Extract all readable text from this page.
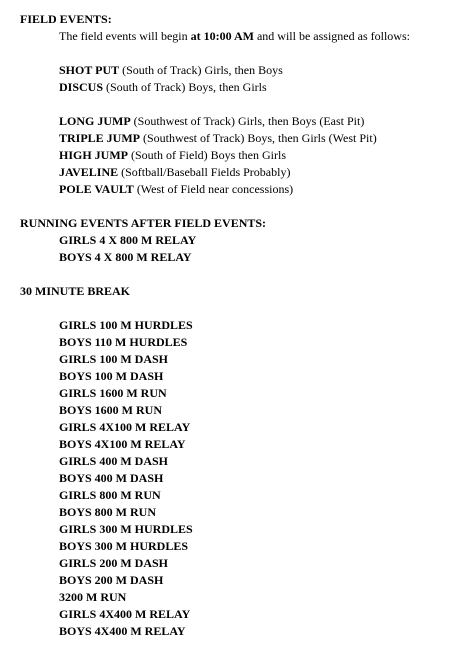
FIELD EVENTS:
The field events will begin at 10:00 AM and will be assigned as follows:
SHOT PUT (South of Track) Girls, then Boys
DISCUS (South of Track) Boys, then Girls
LONG JUMP (Southwest of Track) Girls, then Boys (East Pit)
TRIPLE JUMP (Southwest of Track) Boys, then Girls (West Pit)
HIGH JUMP (South of Field) Boys then Girls
JAVELINE (Softball/Baseball Fields Probably)
POLE VAULT (West of Field near concessions)
RUNNING EVENTS AFTER FIELD EVENTS:
GIRLS 4 X 800 M RELAY
BOYS 4 X 800 M RELAY
30 MINUTE BREAK
GIRLS 100 M HURDLES
BOYS 110 M HURDLES
GIRLS 100 M DASH
BOYS 100 M DASH
GIRLS 1600 M RUN
BOYS 1600 M RUN
GIRLS 4X100 M RELAY
BOYS 4X100 M RELAY
GIRLS 400 M DASH
BOYS 400 M DASH
GIRLS 800 M RUN
BOYS 800 M RUN
GIRLS 300 M HURDLES
BOYS 300 M HURDLES
GIRLS 200 M DASH
BOYS 200 M DASH
3200 M RUN
GIRLS 4X400 M RELAY
BOYS 4X400 M RELAY
